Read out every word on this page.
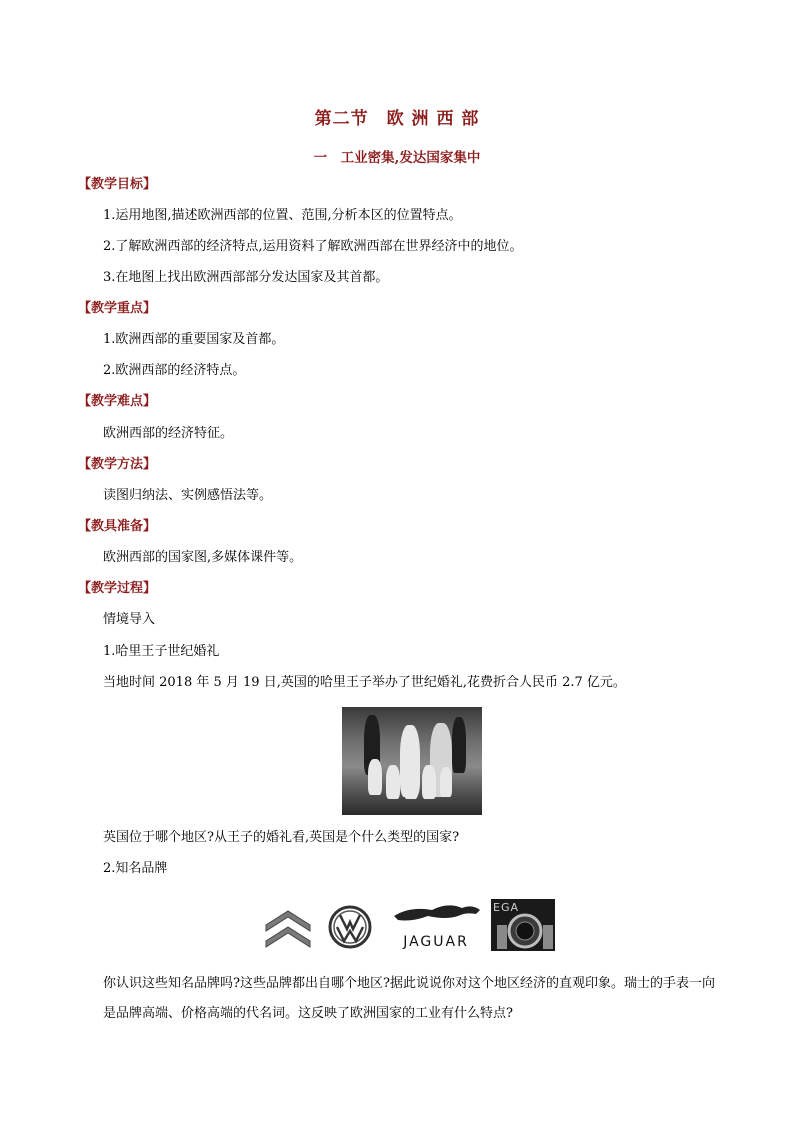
第二节　欧 洲 西 部
一　工业密集,发达国家集中
【教学目标】
1.运用地图,描述欧洲西部的位置、范围,分析本区的位置特点。
2.了解欧洲西部的经济特点,运用资料了解欧洲西部在世界经济中的地位。
3.在地图上找出欧洲西部部分发达国家及其首都。
【教学重点】
1.欧洲西部的重要国家及首都。
2.欧洲西部的经济特点。
【教学难点】
欧洲西部的经济特征。
【教学方法】
读图归纳法、实例感悟法等。
【教具准备】
欧洲西部的国家图,多媒体课件等。
【教学过程】
情境导入
1.哈里王子世纪婚礼
当地时间 2018 年 5 月 19 日,英国的哈里王子举办了世纪婚礼,花费折合人民币 2.7 亿元。
英国位于哪个地区?从王子的婚礼看,英国是个什么类型的国家?
2.知名品牌
JAGUAR
EGA
你认识这些知名品牌吗?这些品牌都出自哪个地区?据此说说你对这个地区经济的直观印象。瑞士的手表一向是品牌高端、价格高端的代名词。这反映了欧洲国家的工业有什么特点?
